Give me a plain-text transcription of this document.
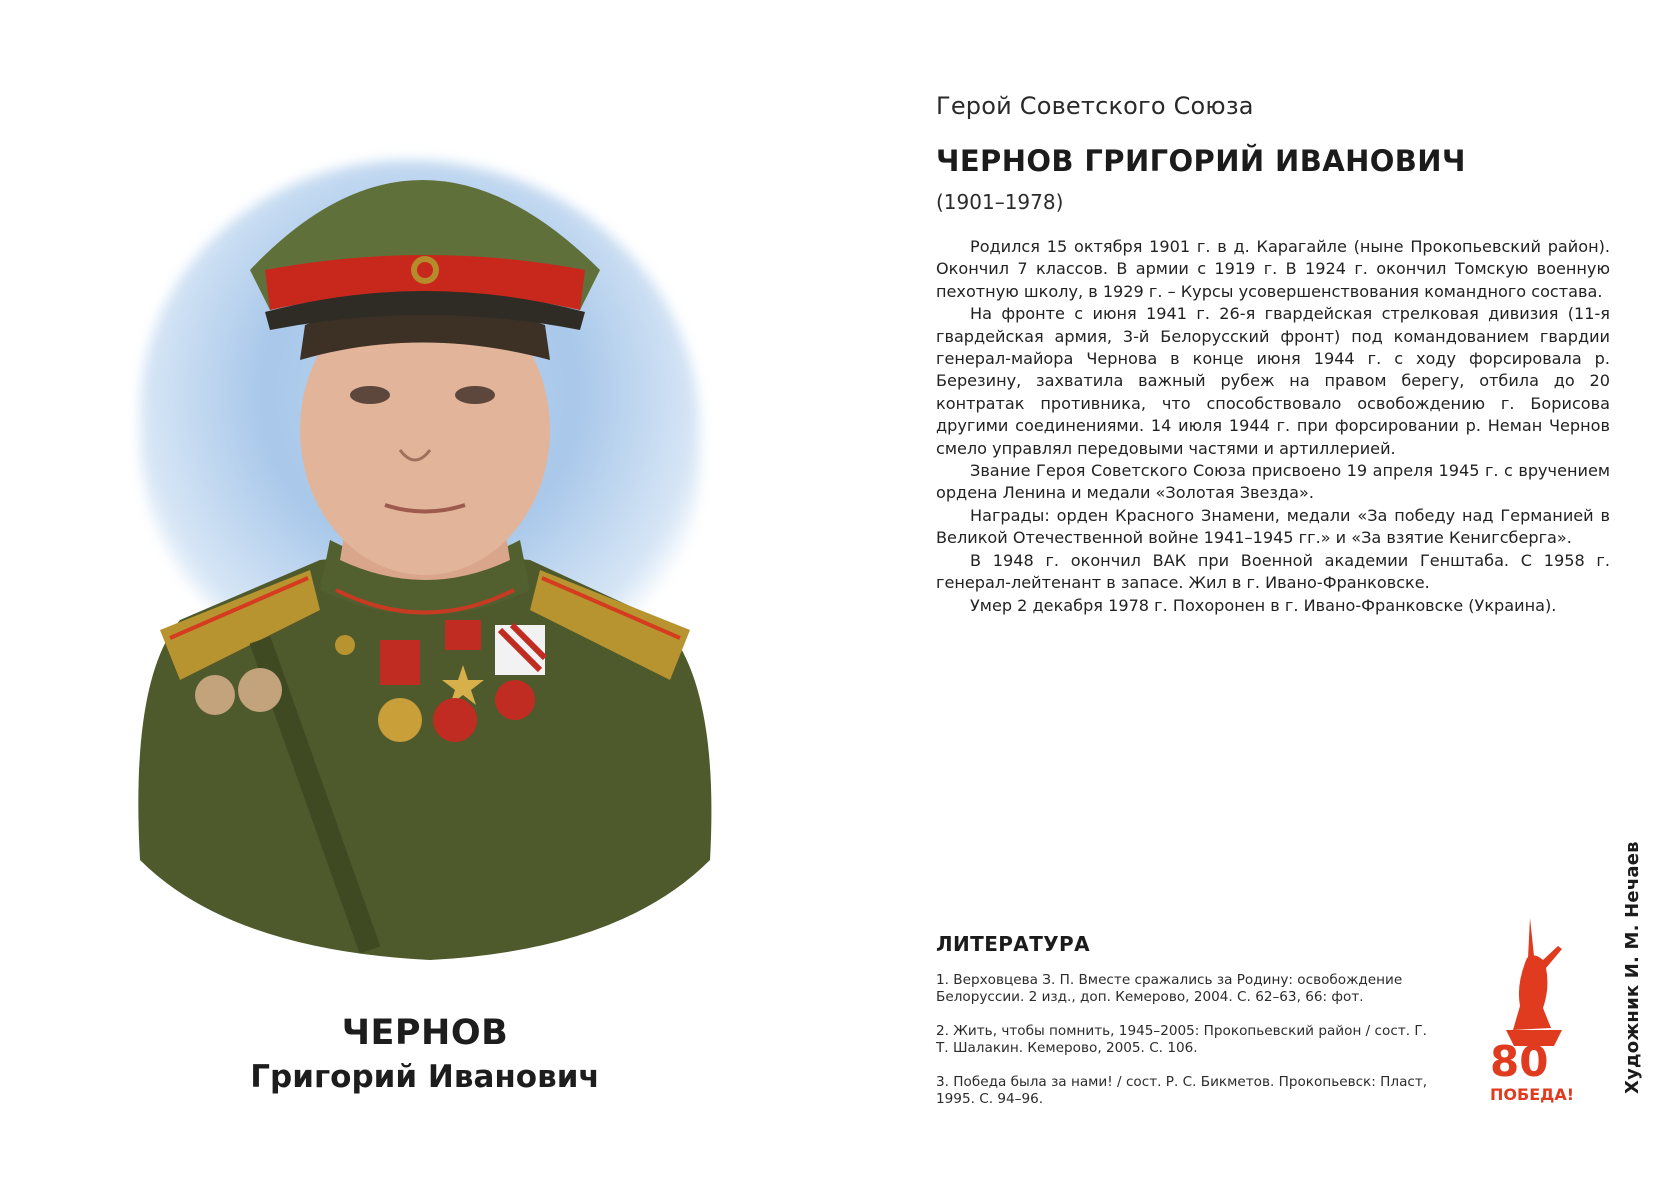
ЧЕРНОВ
Григорий Иванович
Герой Советского Союза
ЧЕРНОВ ГРИГОРИЙ ИВАНОВИЧ
(1901–1978)

Родился 15 октября 1901 г. в д. Карагайле (ныне Прокопьевский район). Окончил 7 классов. В армии с 1919 г. В 1924 г. окончил Томскую военную пехотную школу, в 1929 г. – Курсы усовершенствования командного состава.

На фронте с июня 1941 г. 26-я гвардейская стрелковая дивизия (11-я гвардейская армия, 3-й Белорусский фронт) под командованием гвардии генерал-майора Чернова в конце июня 1944 г. с ходу форсировала р. Березину, захватила важный рубеж на правом берегу, отбила до 20 контратак противника, что способствовало освобождению г. Борисова другими соединениями. 14 июля 1944 г. при форсировании р. Неман Чернов смело управлял передовыми частями и артиллерией.

Звание Героя Советского Союза присвоено 19 апреля 1945 г. с вручением ордена Ленина и медали «Золотая Звезда».

Награды: орден Красного Знамени, медали «За победу над Германией в Великой Отечественной войне 1941–1945 гг.» и «За взятие Кенигсберга».

В 1948 г. окончил ВАК при Военной академии Генштаба. С 1958 г. генерал-лейтенант в запасе. Жил в г. Ивано-Франковске.

Умер 2 декабря 1978 г. Похоронен в г. Ивано-Франковске (Украина).

ЛИТЕРАТУРА
1. Верховцева З. П. Вместе сражались за Родину: освобождение Белоруссии. 2 изд., доп. Кемерово, 2004. С. 62–63, 66: фот.
2. Жить, чтобы помнить, 1945–2005: Прокопьевский район / сост. Г. Т. Шалакин. Кемерово, 2005. С. 106.
3. Победа была за нами! / сост. Р. С. Бикметов. Прокопьевск: Пласт, 1995. С. 94–96.
80
ПОБЕДА!
Художник И. М. Нечаев
